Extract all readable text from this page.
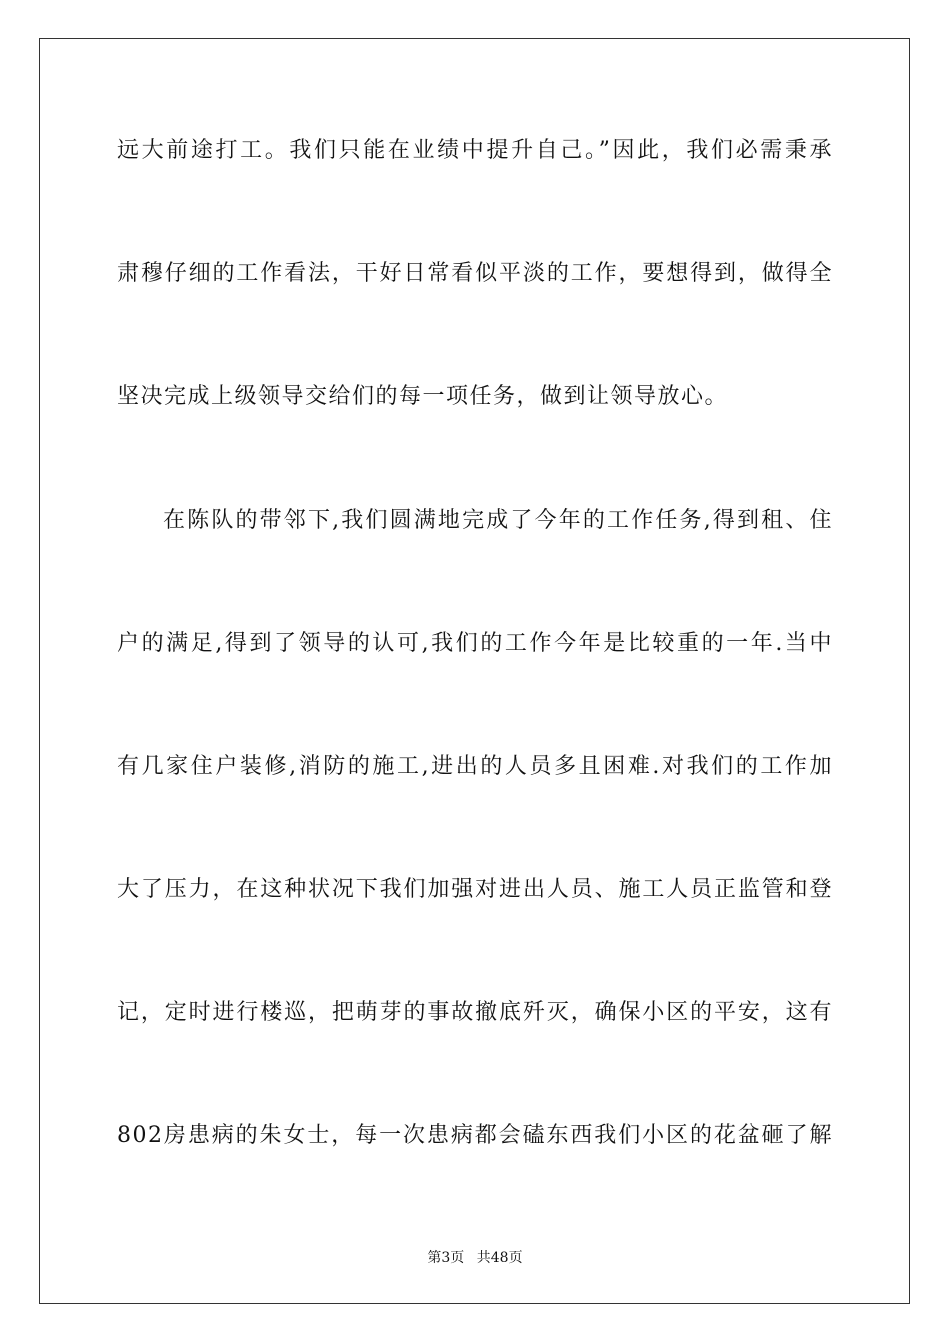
远大前途打工。我们只能在业绩中提升自己。”因此，我们必需秉承
肃穆仔细的工作看法，干好日常看似平淡的工作，要想得到，做得全
坚决完成上级领导交给们的每一项任务，做到让领导放心。
在陈队的带邻下,我们圆满地完成了今年的工作任务,得到租、住
户的满足,得到了领导的认可,我们的工作今年是比较重的一年.当中
有几家住户装修,消防的施工,进出的人员多且困难.对我们的工作加
大了压力，在这种状况下我们加强对进出人员、施工人员正监管和登
记，定时进行楼巡，把萌芽的事故撤底歼灭，确保小区的平安，这有
802房患病的朱女士，每一次患病都会磕东西我们小区的花盆砸了解
第3页 共48页
